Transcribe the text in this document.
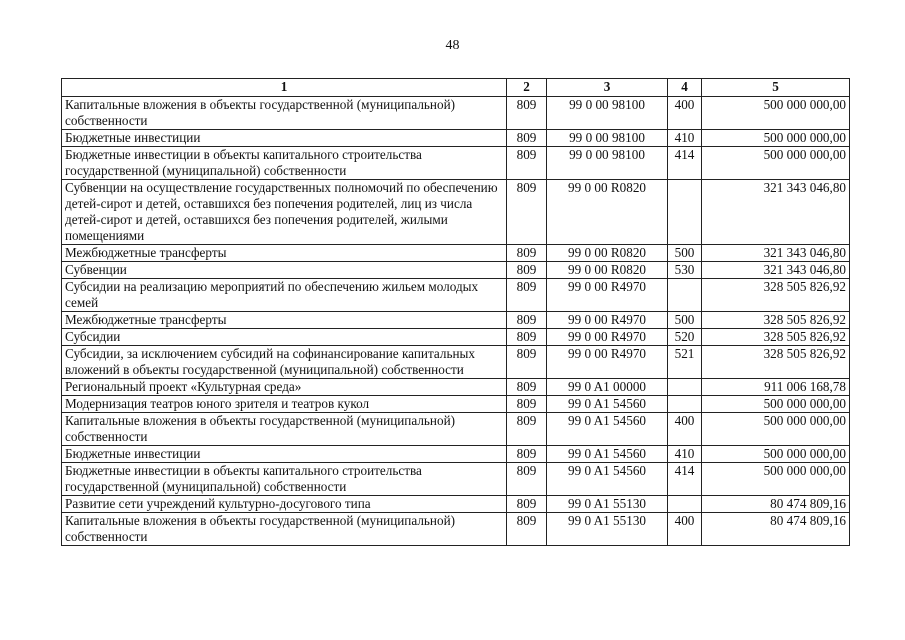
48
1	2	3	4	5
Капитальные вложения в объекты государственной (муниципальной) собственности	809	99 0 00 98100	400	500 000 000,00
Бюджетные инвестиции	809	99 0 00 98100	410	500 000 000,00
Бюджетные инвестиции в объекты капитального строительства государственной (муниципальной) собственности	809	99 0 00 98100	414	500 000 000,00
Субвенции на осуществление государственных полномочий по обеспечению детей-сирот и детей, оставшихся без попечения родителей, лиц из числа детей-сирот и детей, оставшихся без попечения родителей, жилыми помещениями	809	99 0 00 R0820		321 343 046,80
Межбюджетные трансферты	809	99 0 00 R0820	500	321 343 046,80
Субвенции	809	99 0 00 R0820	530	321 343 046,80
Субсидии на реализацию мероприятий по обеспечению жильем молодых семей	809	99 0 00 R4970		328 505 826,92
Межбюджетные трансферты	809	99 0 00 R4970	500	328 505 826,92
Субсидии	809	99 0 00 R4970	520	328 505 826,92
Субсидии, за исключением субсидий на софинансирование капитальных вложений в объекты государственной (муниципальной) собственности	809	99 0 00 R4970	521	328 505 826,92
Региональный проект «Культурная среда»	809	99 0 A1 00000		911 006 168,78
Модернизация театров юного зрителя и театров кукол	809	99 0 A1 54560		500 000 000,00
Капитальные вложения в объекты государственной (муниципальной) собственности	809	99 0 A1 54560	400	500 000 000,00
Бюджетные инвестиции	809	99 0 A1 54560	410	500 000 000,00
Бюджетные инвестиции в объекты капитального строительства государственной (муниципальной) собственности	809	99 0 A1 54560	414	500 000 000,00
Развитие сети учреждений культурно-досугового типа	809	99 0 A1 55130		80 474 809,16
Капитальные вложения в объекты государственной (муниципальной) собственности	809	99 0 A1 55130	400	80 474 809,16
